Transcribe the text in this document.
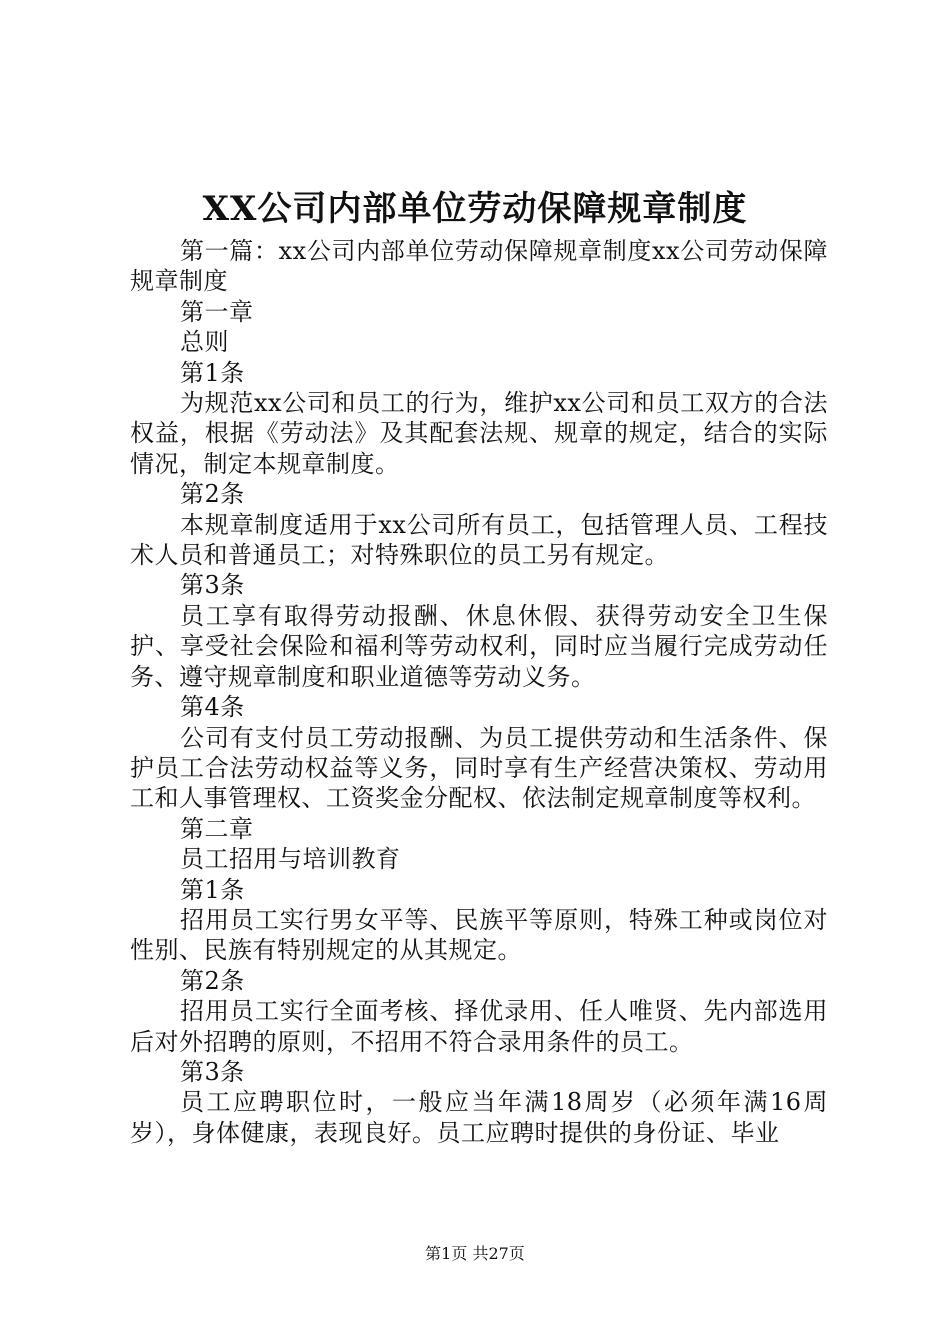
XX公司内部单位劳动保障规章制度

第一篇：xx公司内部单位劳动保障规章制度xx公司劳动保障规章制度

第一章

总则

第1条

为规范xx公司和员工的行为，维护xx公司和员工双方的合法权益，根据《劳动法》及其配套法规、规章的规定，结合的实际情况，制定本规章制度。

第2条

本规章制度适用于xx公司所有员工，包括管理人员、工程技术人员和普通员工；对特殊职位的员工另有规定。

第3条

员工享有取得劳动报酬、休息休假、获得劳动安全卫生保护、享受社会保险和福利等劳动权利，同时应当履行完成劳动任务、遵守规章制度和职业道德等劳动义务。

第4条

公司有支付员工劳动报酬、为员工提供劳动和生活条件、保护员工合法劳动权益等义务，同时享有生产经营决策权、劳动用工和人事管理权、工资奖金分配权、依法制定规章制度等权利。

第二章

员工招用与培训教育

第1条

招用员工实行男女平等、民族平等原则，特殊工种或岗位对性别、民族有特别规定的从其规定。

第2条

招用员工实行全面考核、择优录用、任人唯贤、先内部选用后对外招聘的原则，不招用不符合录用条件的员工。

第3条

员工应聘职位时，一般应当年满18周岁（必须年满16周岁），身体健康，表现良好。员工应聘时提供的身份证、毕业

第1页 共27页
